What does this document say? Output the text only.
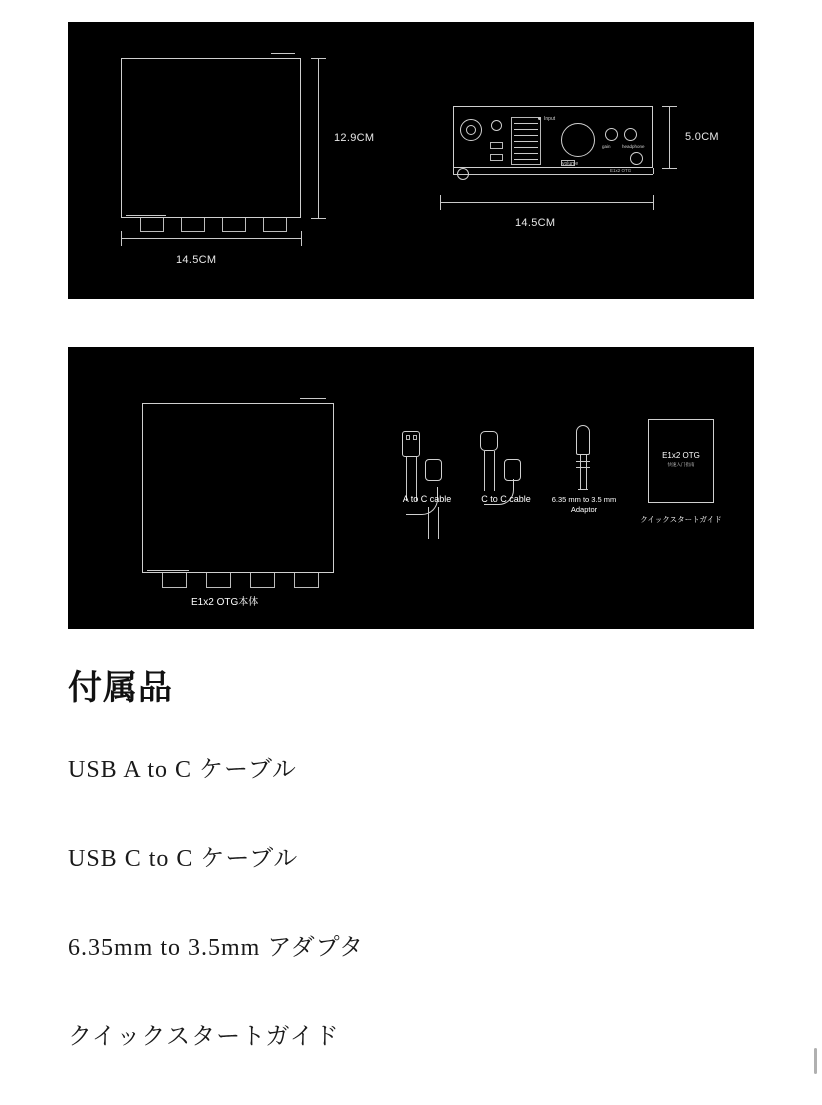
12.9CM
14.5CM
Input
volume
gain	headphone
E1x2 OTG
5.0CM
14.5CM
E1x2 OTG本体
A to C cable	C to C cable	6.35 mm to 3.5 mm
Adaptor
E1x2 OTG
快速入门指南
クイックスタートガイド
付属品

USB A to C ケーブル

USB C to C ケーブル

6.35mm to 3.5mm アダプタ

クイックスタートガイド
